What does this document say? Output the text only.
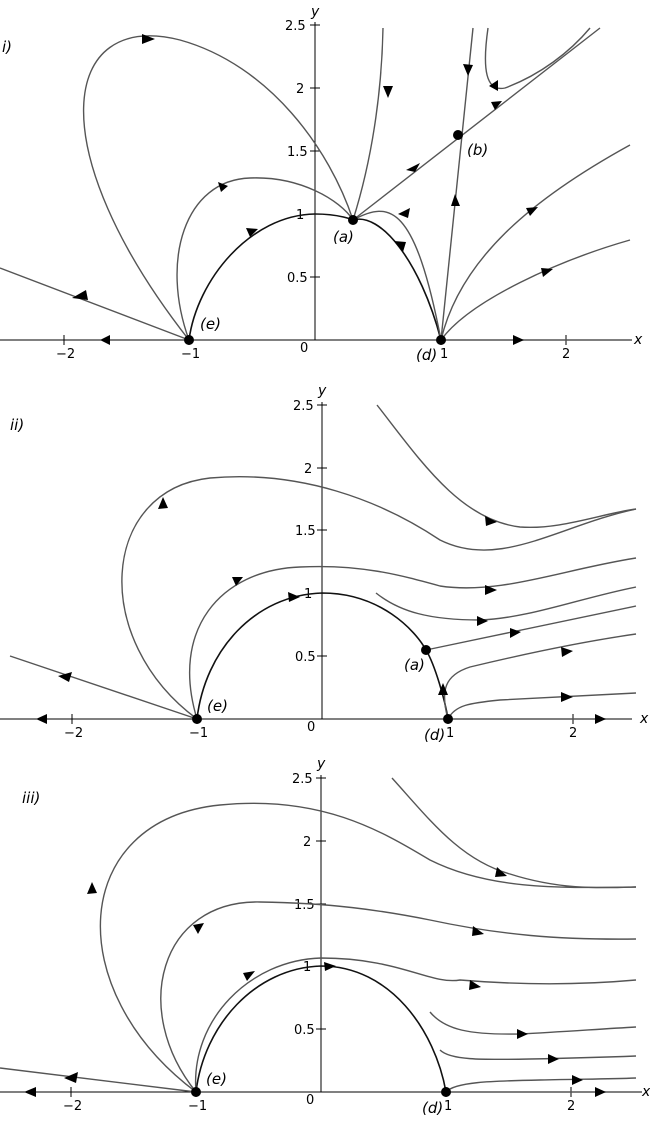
i)
x
y
0
−2	−1	1	2
0.5
1
1.5
2
2.5
(a)
(b)
(d)
(e)
ii)
x
y
0
−2	−1	1	2
0.5
1
1.5
2
2.5
(a)
(d)
(e)
iii)
x
y
0
−2	−1	1	2
0.5
1
1.5
2
2.5
(d)
(e)
